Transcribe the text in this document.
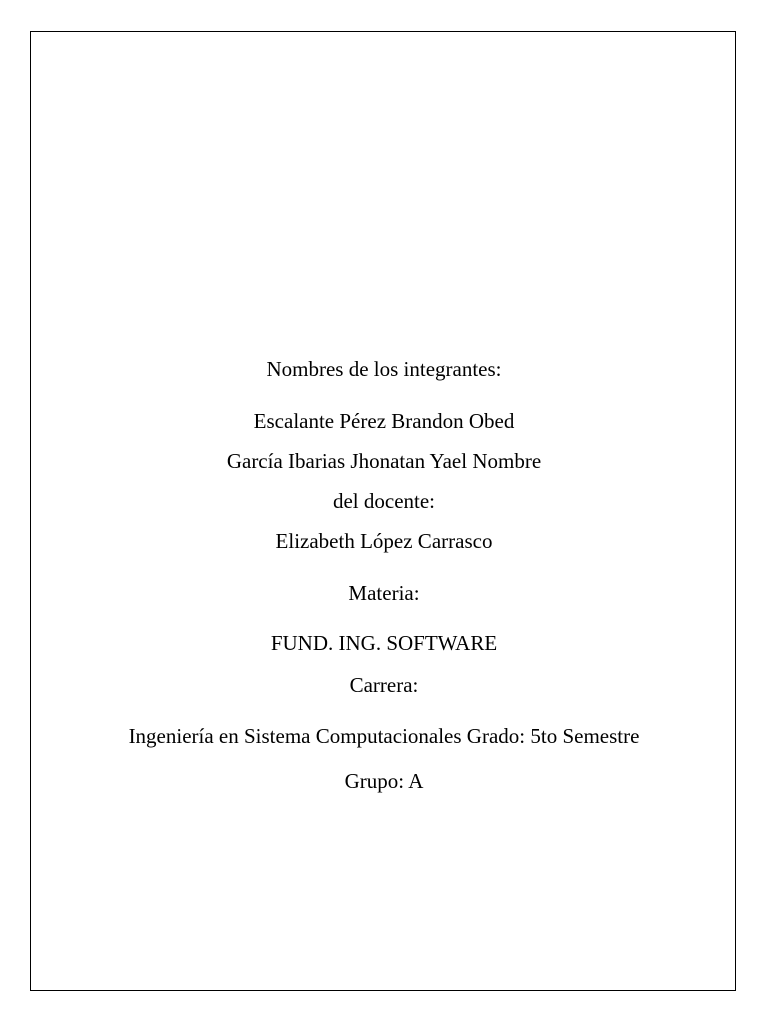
Nombres de los integrantes:
Escalante Pérez Brandon Obed
García Ibarias Jhonatan Yael Nombre
del docente:
Elizabeth López Carrasco
Materia:
FUND. ING. SOFTWARE
Carrera:
Ingeniería en Sistema Computacionales Grado: 5to Semestre
Grupo: A
